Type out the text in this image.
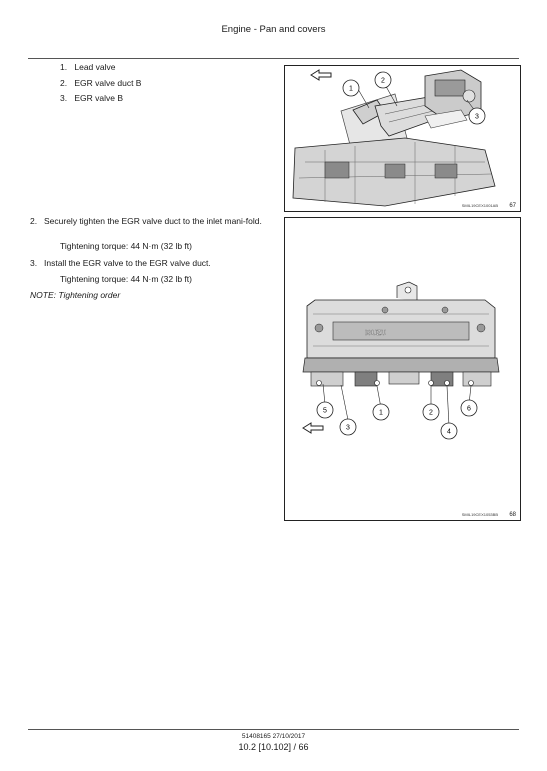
Engine - Pan and covers
1. Lead valve
2. EGR valve duct B
3. EGR valve B
2. Securely tighten the EGR valve duct to the inlet mani-fold.
Tightening torque: 44 N·m (32 lb ft)
3. Install the EGR valve to the EGR valve duct.
Tightening torque: 44 N·m (32 lb ft)
NOTE: Tightening order
1
2
3
SMIL19CEX1001AB 67
ISUZU
5
3
1	2
4
6
SMIL19CEX1053BB 68
51408165 27/10/2017
10.2 [10.102] / 66
